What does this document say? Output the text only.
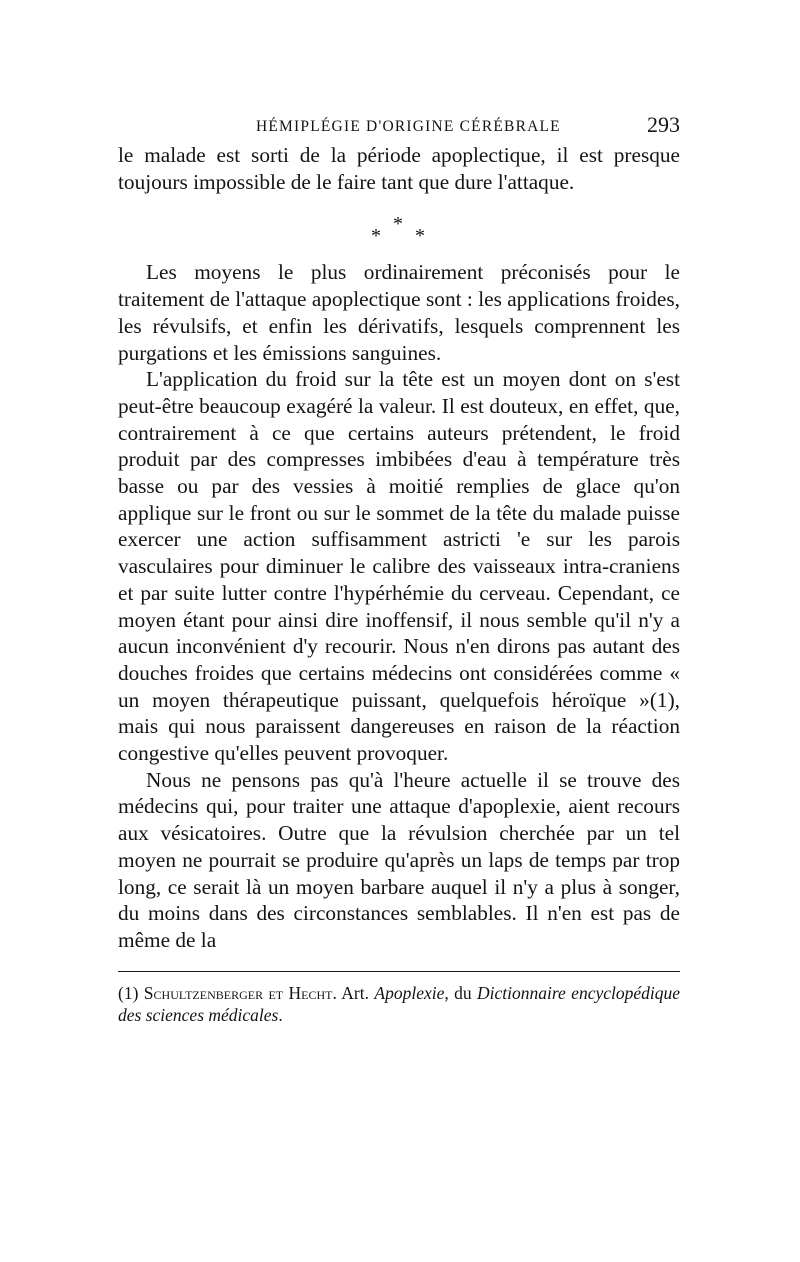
HÉMIPLÉGIE D'ORIGINE CÉRÉBRALE	293

le malade est sorti de la période apoplectique, il est presque toujours impossible de le faire tant que dure l'attaque.

*
* *

Les moyens le plus ordinairement préconisés pour le traitement de l'attaque apoplectique sont : les applications froides, les révulsifs, et enfin les dérivatifs, lesquels comprennent les purgations et les émissions sanguines.

L'application du froid sur la tête est un moyen dont on s'est peut-être beaucoup exagéré la valeur. Il est douteux, en effet, que, contrairement à ce que certains auteurs prétendent, le froid produit par des compresses imbibées d'eau à température très basse ou par des vessies à moitié remplies de glace qu'on applique sur le front ou sur le sommet de la tête du malade puisse exercer une action suffisamment astricti 'e sur les parois vasculaires pour diminuer le calibre des vaisseaux intra-craniens et par suite lutter contre l'hypérhémie du cerveau. Cependant, ce moyen étant pour ainsi dire inoffensif, il nous semble qu'il n'y a aucun inconvénient d'y recourir. Nous n'en dirons pas autant des douches froides que certains médecins ont considérées comme « un moyen thérapeutique puissant, quelquefois héroïque »(1), mais qui nous paraissent dangereuses en raison de la réaction congestive qu'elles peuvent provoquer.

Nous ne pensons pas qu'à l'heure actuelle il se trouve des médecins qui, pour traiter une attaque d'apoplexie, aient recours aux vésicatoires. Outre que la révulsion cherchée par un tel moyen ne pourrait se produire qu'après un laps de temps par trop long, ce serait là un moyen barbare auquel il n'y a plus à songer, du moins dans des circonstances semblables. Il n'en est pas de même de la

(1) Schultzenberger et Hecht. Art. Apoplexie, du Dictionnaire encyclopédique des sciences médicales.
